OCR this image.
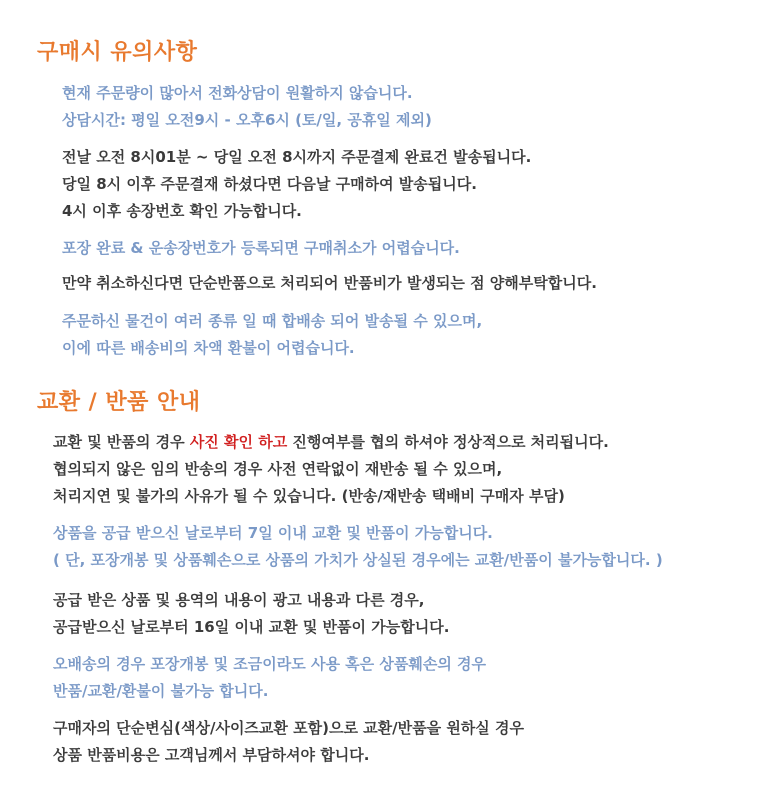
구매시 유의사항

현재 주문량이 많아서 전화상담이 원활하지 않습니다.
상담시간: 평일 오전9시 - 오후6시 (토/일, 공휴일 제외)

전날 오전 8시01분 ~ 당일 오전 8시까지 주문결제 완료건 발송됩니다.
당일 8시 이후 주문결재 하셨다면 다음날 구매하여 발송됩니다.
4시 이후 송장번호 확인 가능합니다.

포장 완료 & 운송장번호가 등록되면 구매취소가 어렵습니다.

만약 취소하신다면 단순반품으로 처리되어 반품비가 발생되는 점 양해부탁합니다.

주문하신 물건이 여러 종류 일 때 합배송 되어 발송될 수 있으며,
이에 따른 배송비의 차액 환불이 어렵습니다.

교환 / 반품 안내

교환 및 반품의 경우 사진 확인 하고 진행여부를 협의 하셔야 정상적으로 처리됩니다.
협의되지 않은 임의 반송의 경우 사전 연락없이 재반송 될 수 있으며,
처리지연 및 불가의 사유가 될 수 있습니다. (반송/재반송 택배비 구매자 부담)

상품을 공급 받으신 날로부터 7일 이내 교환 및 반품이 가능합니다.
( 단, 포장개봉 및 상품훼손으로 상품의 가치가 상실된 경우에는 교환/반품이 불가능합니다. )

공급 받은 상품 및 용역의 내용이 광고 내용과 다른 경우,
공급받으신 날로부터 16일 이내 교환 및 반품이 가능합니다.

오배송의 경우 포장개봉 및 조금이라도 사용 혹은 상품훼손의 경우
반품/교환/환불이 불가능 합니다.

구매자의 단순변심(색상/사이즈교환 포함)으로 교환/반품을 원하실 경우
상품 반품비용은 고객님께서 부담하셔야 합니다.
